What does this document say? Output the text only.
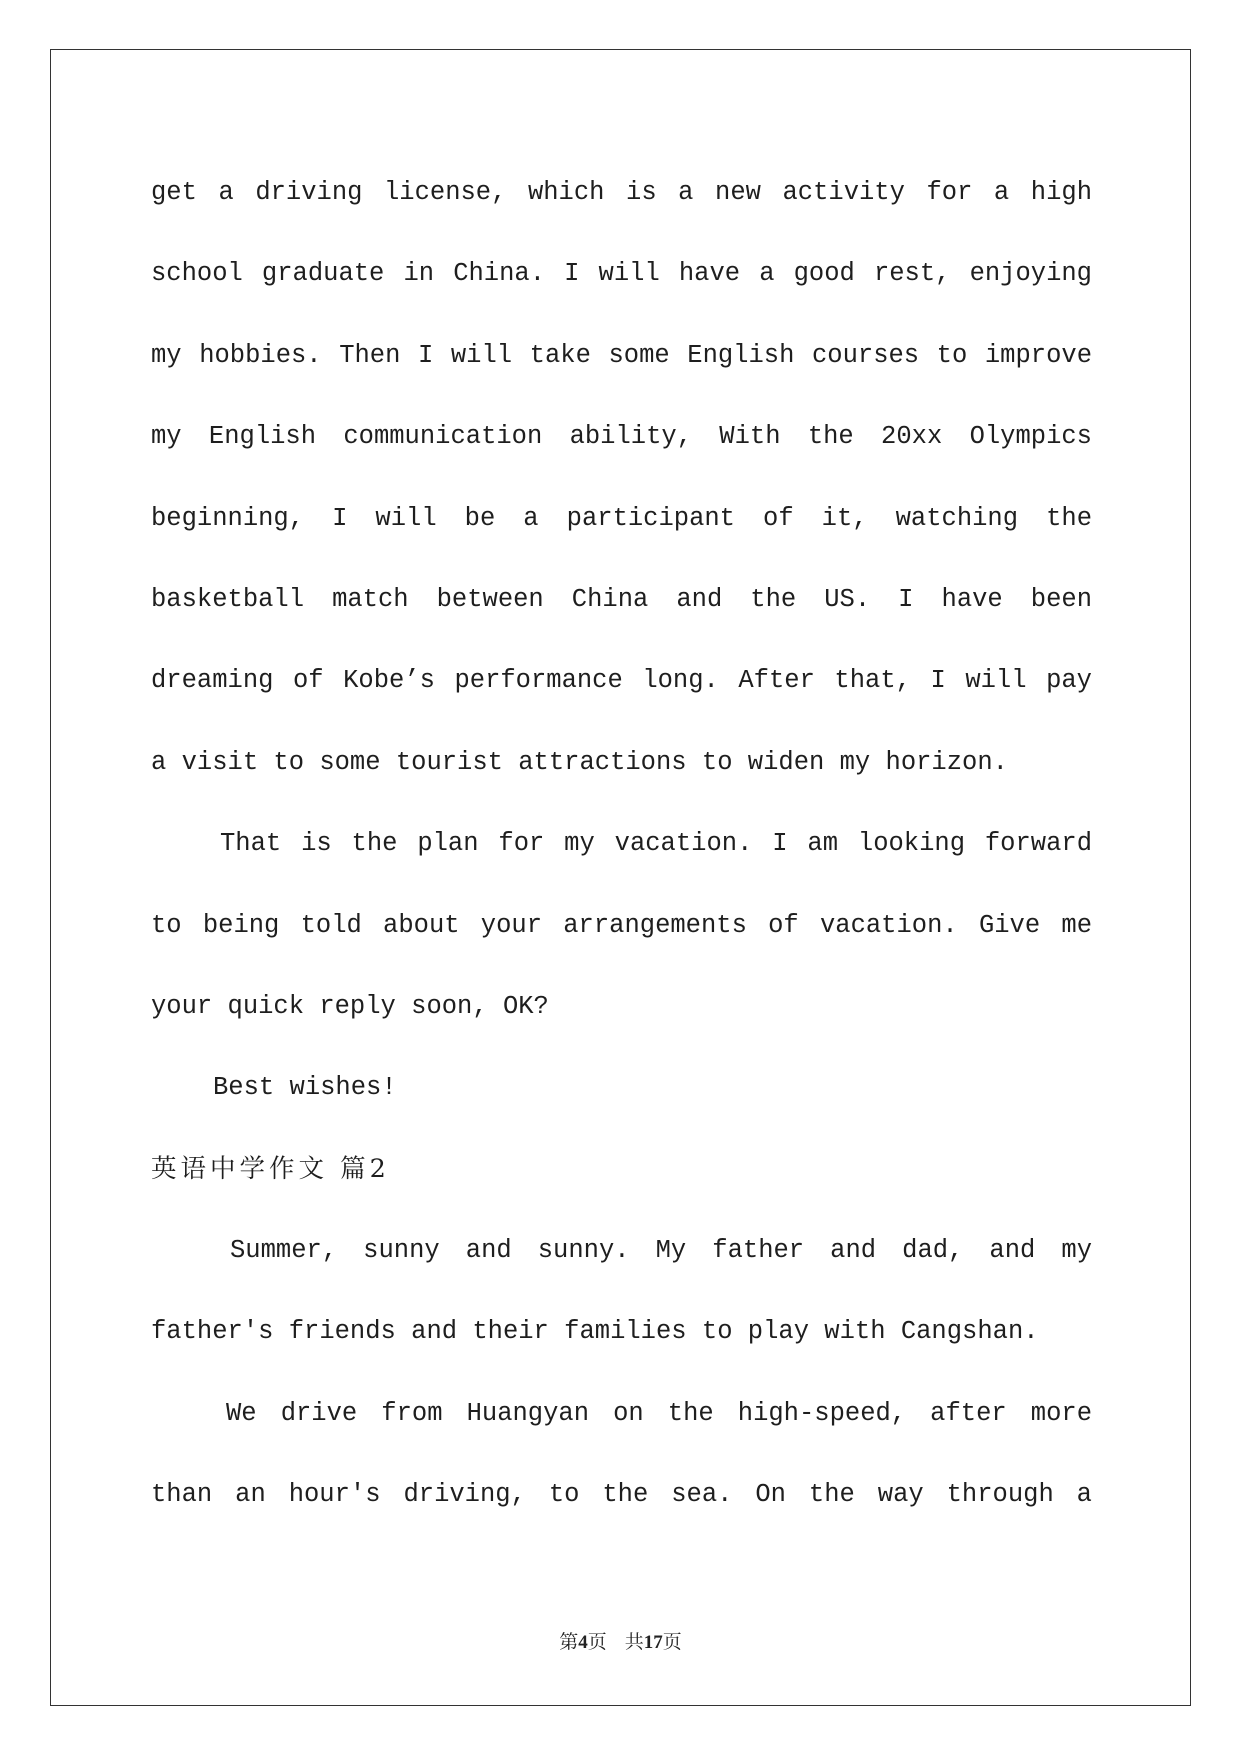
get a driving license, which is a new activity for a high
school graduate in China. I will have a good rest, enjoying
my hobbies. Then I will take some English courses to improve
my English communication ability, With the 20xx Olympics
beginning, I will be a participant of it, watching the
basketball match between China and the US. I have been
dreaming of Kobe’s performance long. After that, I will pay
a visit to some tourist attractions to widen my horizon.
That is the plan for my vacation. I am looking forward
to being told about your arrangements of vacation. Give me
your quick reply soon, OK?
Best wishes!
英语中学作文 篇2
Summer, sunny and sunny. My father and dad, and my
father's friends and their families to play with Cangshan.
We drive from Huangyan on the high-speed, after more
than an hour's driving, to the sea. On the way through a
第4页 共17页
